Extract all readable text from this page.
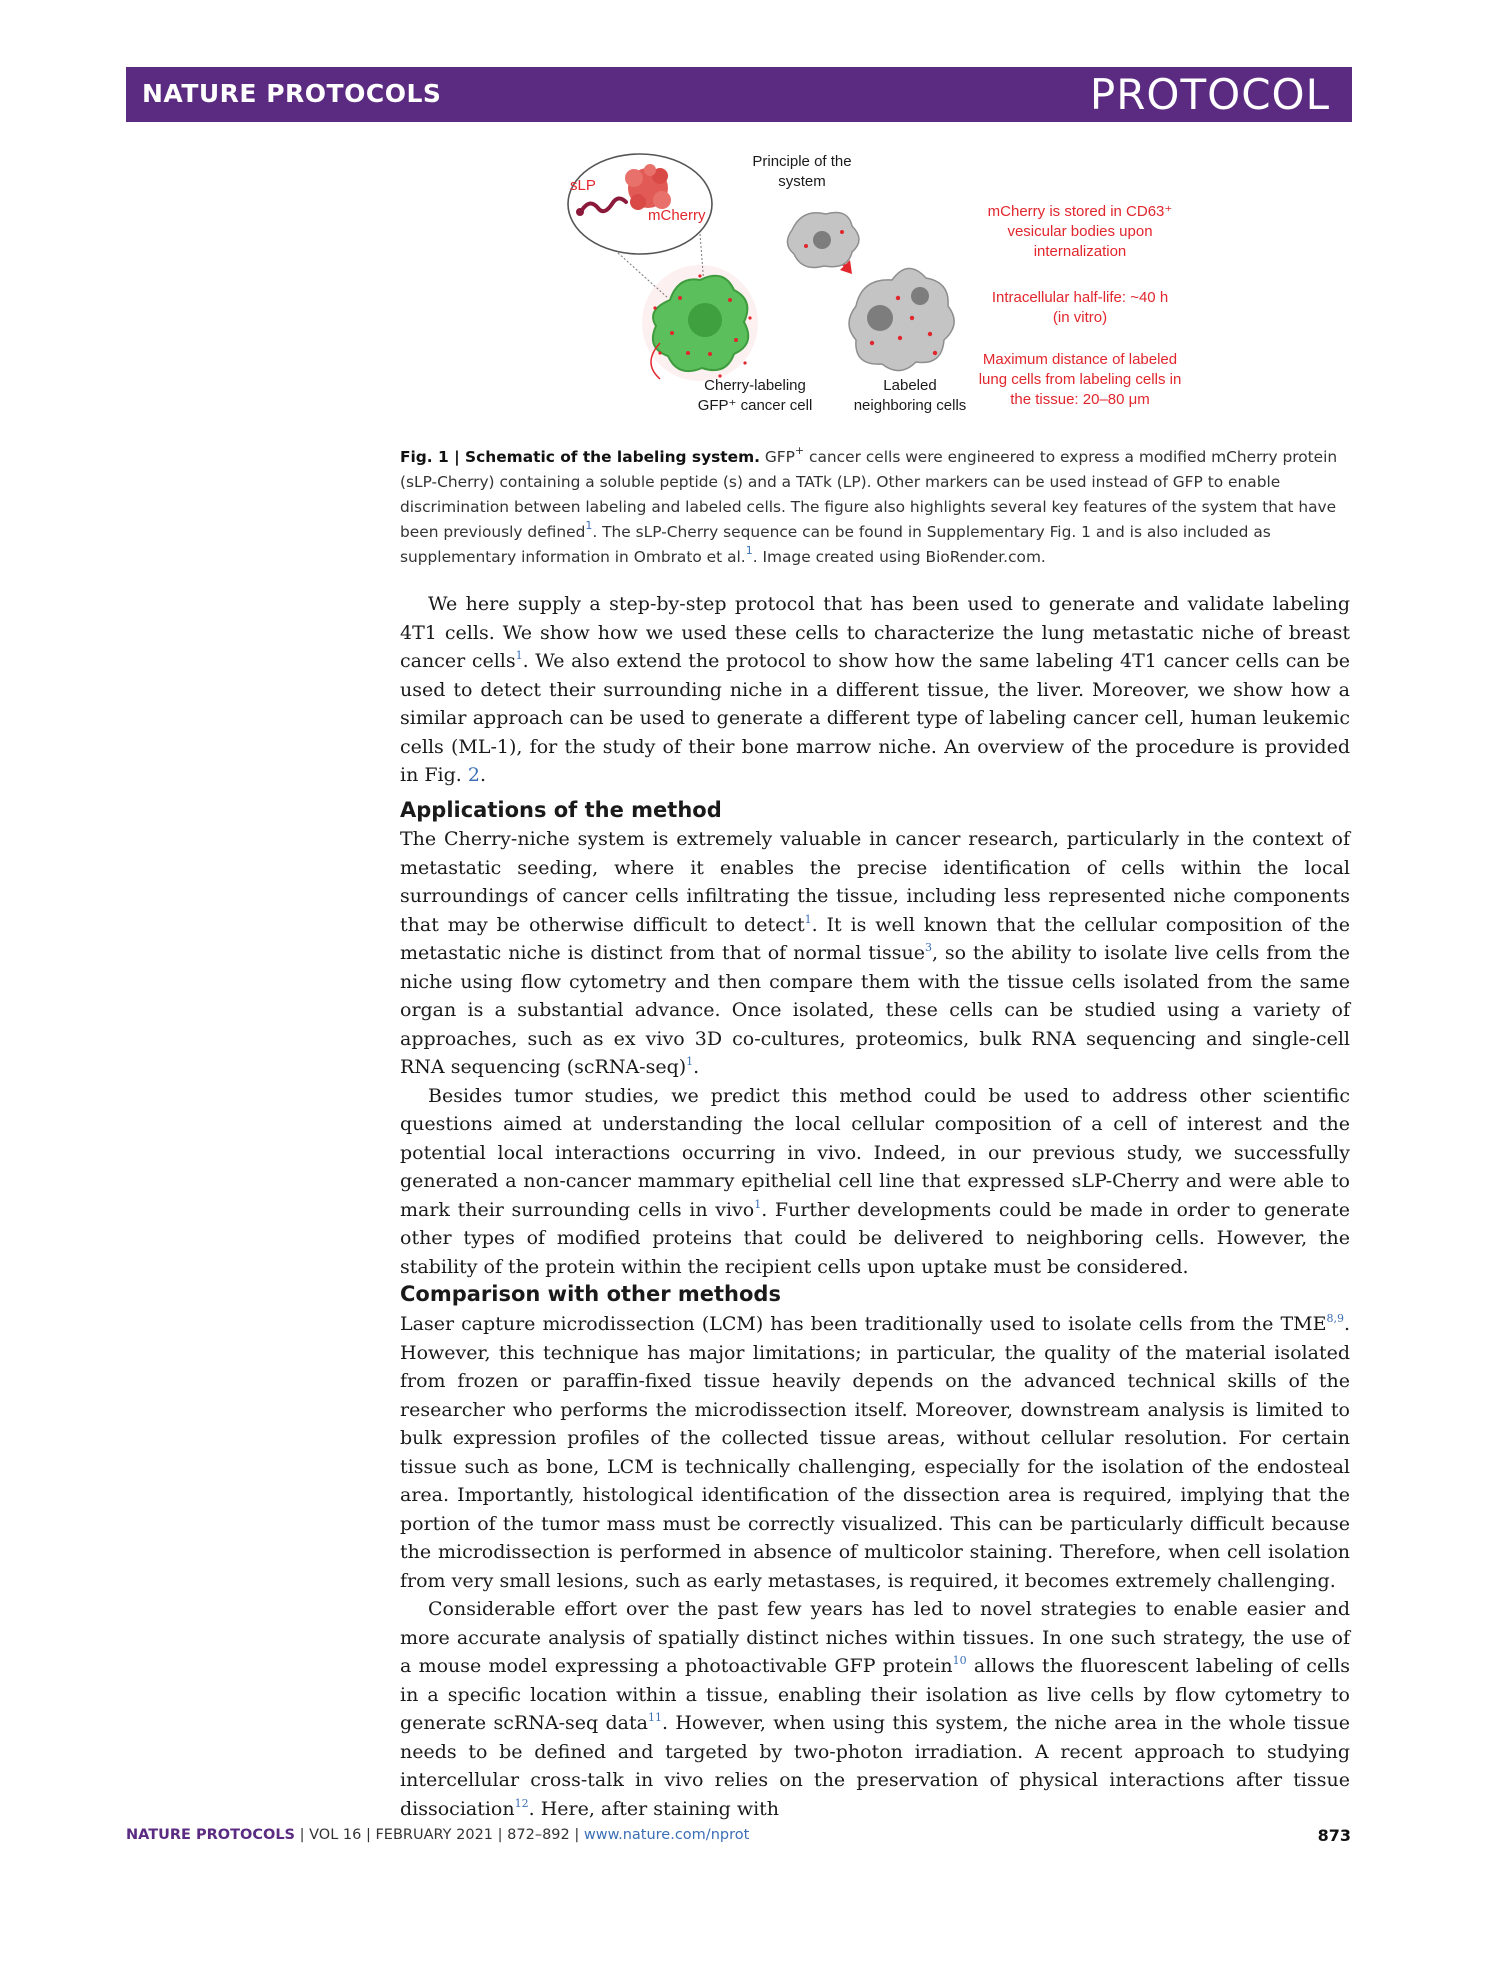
NATURE PROTOCOLS	PROTOCOL
Principle of the system
sLP
mCherry
Cherry-labeling
GFP⁺ cancer cell
Labeled
neighboring cells
mCherry is stored in CD63⁺ vesicular bodies upon internalization
Intracellular half-life: ~40 h (in vitro)
Maximum distance of labeled lung cells from labeling cells in the tissue: 20–80 μm
Fig. 1 | Schematic of the labeling system. GFP+ cancer cells were engineered to express a modified mCherry protein (sLP-Cherry) containing a soluble peptide (s) and a TATk (LP). Other markers can be used instead of GFP to enable discrimination between labeling and labeled cells. The figure also highlights several key features of the system that have been previously defined$^1$. The sLP-Cherry sequence can be found in Supplementary Fig. 1 and is also included as supplementary information in Ombrato et al.$^1$. Image created using BioRender.com.

We here supply a step-by-step protocol that has been used to generate and validate labeling 4T1 cells. We show how we used these cells to characterize the lung metastatic niche of breast cancer cells$^1$. We also extend the protocol to show how the same labeling 4T1 cancer cells can be used to detect their surrounding niche in a different tissue, the liver. Moreover, we show how a similar approach can be used to generate a different type of labeling cancer cell, human leukemic cells (ML-1), for the study of their bone marrow niche. An overview of the procedure is provided in Fig. 2.

Applications of the method

The Cherry-niche system is extremely valuable in cancer research, particularly in the context of metastatic seeding, where it enables the precise identification of cells within the local surroundings of cancer cells infiltrating the tissue, including less represented niche components that may be otherwise difficult to detect$^1$. It is well known that the cellular composition of the metastatic niche is distinct from that of normal tissue$^3$, so the ability to isolate live cells from the niche using flow cytometry and then compare them with the tissue cells isolated from the same organ is a substantial advance. Once isolated, these cells can be studied using a variety of approaches, such as ex vivo 3D co-cultures, proteomics, bulk RNA sequencing and single-cell RNA sequencing (scRNA-seq)$^1$.

Besides tumor studies, we predict this method could be used to address other scientific questions aimed at understanding the local cellular composition of a cell of interest and the potential local interactions occurring in vivo. Indeed, in our previous study, we successfully generated a non-cancer mammary epithelial cell line that expressed sLP-Cherry and were able to mark their surrounding cells in vivo$^1$. Further developments could be made in order to generate other types of modified proteins that could be delivered to neighboring cells. However, the stability of the protein within the recipient cells upon uptake must be considered.

Comparison with other methods

Laser capture microdissection (LCM) has been traditionally used to isolate cells from the TME$^{8,9}$. However, this technique has major limitations; in particular, the quality of the material isolated from frozen or paraffin-fixed tissue heavily depends on the advanced technical skills of the researcher who performs the microdissection itself. Moreover, downstream analysis is limited to bulk expression profiles of the collected tissue areas, without cellular resolution. For certain tissue such as bone, LCM is technically challenging, especially for the isolation of the endosteal area. Importantly, histological identification of the dissection area is required, implying that the portion of the tumor mass must be correctly visualized. This can be particularly difficult because the microdissection is performed in absence of multicolor staining. Therefore, when cell isolation from very small lesions, such as early metastases, is required, it becomes extremely challenging.

Considerable effort over the past few years has led to novel strategies to enable easier and more accurate analysis of spatially distinct niches within tissues. In one such strategy, the use of a mouse model expressing a photoactivable GFP protein$^{10}$ allows the fluorescent labeling of cells in a specific location within a tissue, enabling their isolation as live cells by flow cytometry to generate scRNA-seq data$^{11}$. However, when using this system, the niche area in the whole tissue needs to be defined and targeted by two-photon irradiation. A recent approach to studying intercellular cross-talk in vivo relies on the preservation of physical interactions after tissue dissociation$^{12}$. Here, after staining with

NATURE PROTOCOLS | VOL 16 | FEBRUARY 2021 | 872–892 | www.nature.com/nprot	873
